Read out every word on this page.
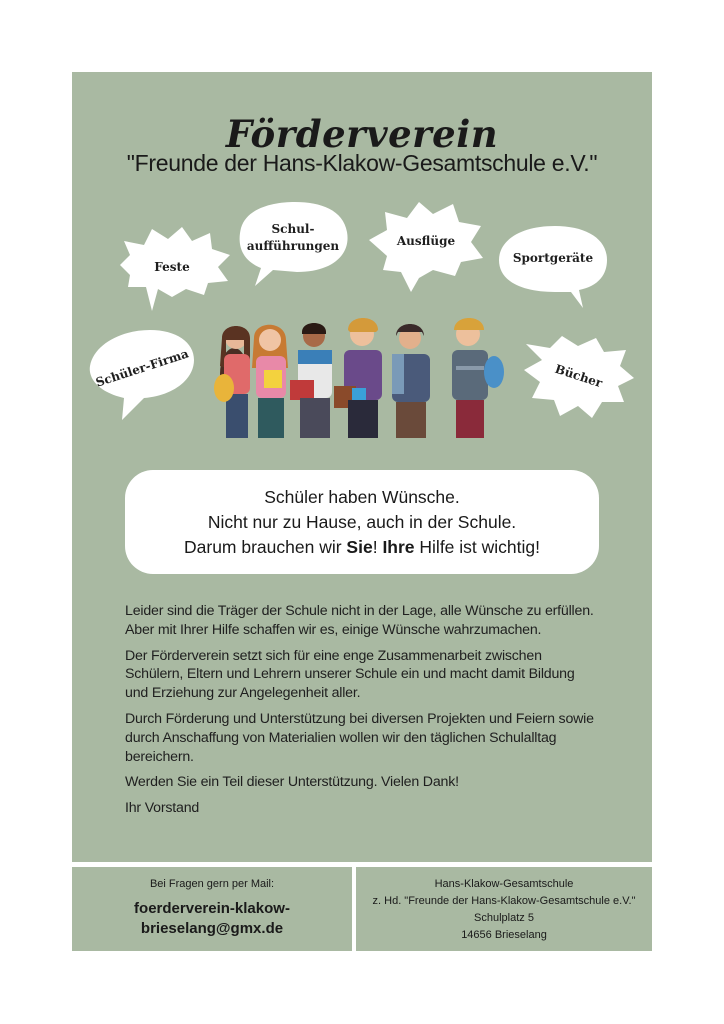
Förderverein
"Freunde der Hans-Klakow-Gesamtschule e.V."
Feste
Schul-
aufführungen	Ausflüge
Sportgeräte
Schüler-Firma	Bücher
Schüler haben Wünsche.
Nicht nur zu Hause, auch in der Schule.
Darum brauchen wir Sie! Ihre Hilfe ist wichtig!

Leider sind die Träger der Schule nicht in der Lage, alle Wünsche zu erfüllen. Aber mit Ihrer Hilfe schaffen wir es, einige Wünsche wahrzumachen.

Der Förderverein setzt sich für eine enge Zusammenarbeit zwischen Schülern, Eltern und Lehrern unserer Schule ein und macht damit Bildung und Erziehung zur Angelegenheit aller.

Durch Förderung und Unterstützung bei diversen Projekten und Feiern sowie durch Anschaffung von Materialien wollen wir den täglichen Schulalltag bereichern.

Werden Sie ein Teil dieser Unterstützung. Vielen Dank!

Ihr Vorstand

Bei Fragen gern per Mail:
foerderverein-klakow-
brieselang@gmx.de
Hans-Klakow-Gesamtschule
z. Hd. "Freunde der Hans-Klakow-Gesamtschule e.V."
Schulplatz 5
14656 Brieselang
